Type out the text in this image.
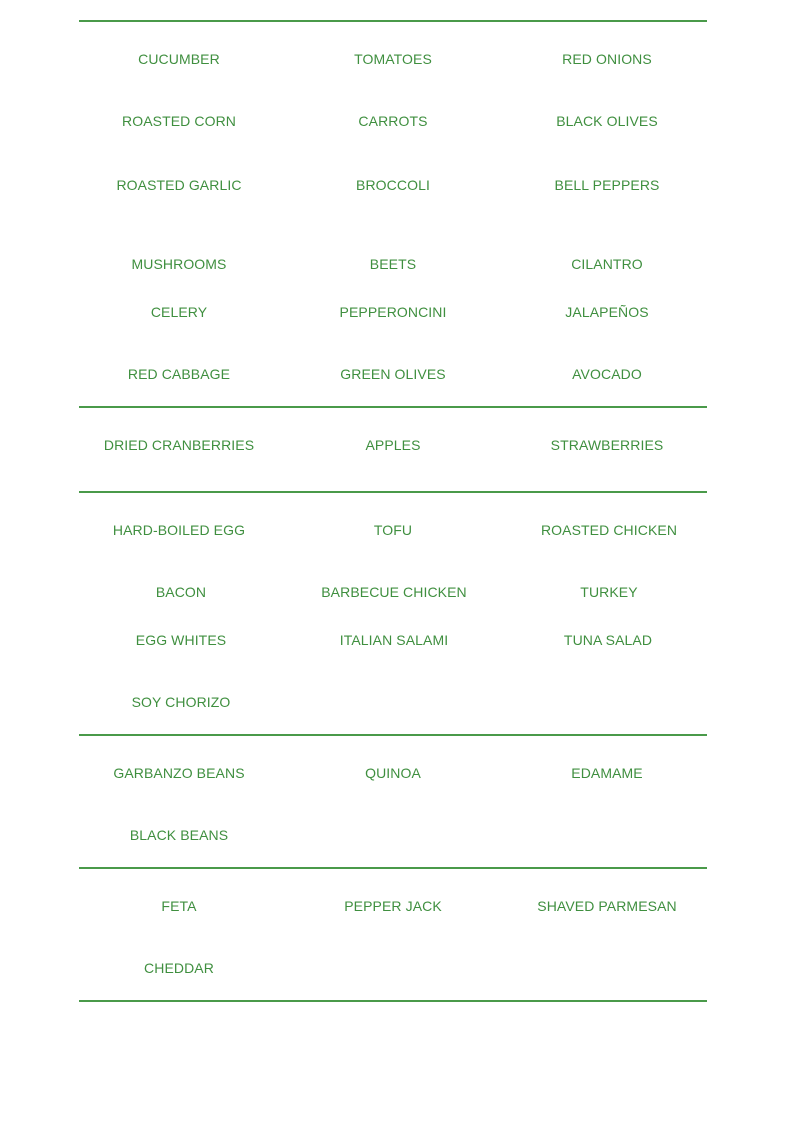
CUCUMBER	TOMATOES	RED ONIONS
ROASTED CORN	CARROTS	BLACK OLIVES
ROASTED GARLIC	BROCCOLI	BELL PEPPERS
MUSHROOMS	BEETS	CILANTRO
CELERY	PEPPERONCINI	JALAPEÑOS
RED CABBAGE	GREEN OLIVES	AVOCADO
DRIED CRANBERRIES	APPLES	STRAWBERRIES
HARD-BOILED EGG	TOFU	ROASTED CHICKEN
BACON	BARBECUE CHICKEN	TURKEY
EGG WHITES	ITALIAN SALAMI	TUNA SALAD
SOY CHORIZO
GARBANZO BEANS	QUINOA	EDAMAME
BLACK BEANS
FETA	PEPPER JACK	SHAVED PARMESAN
CHEDDAR
